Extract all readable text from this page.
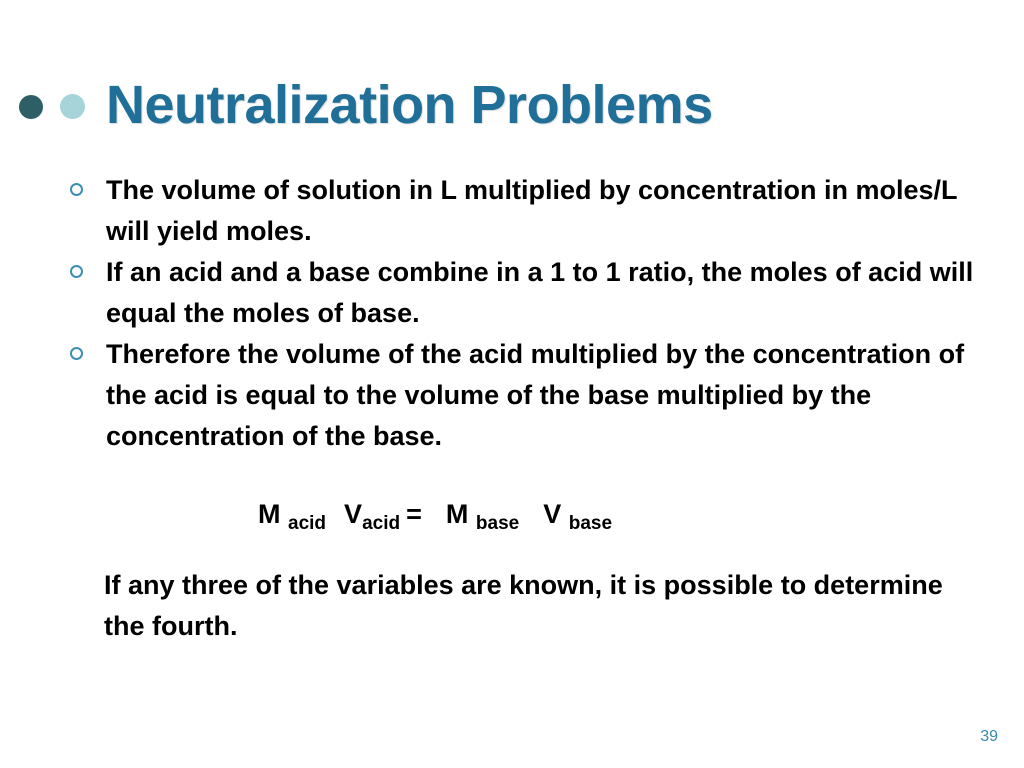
Neutralization Problems
The volume of solution in L multiplied by concentration in moles/L will yield moles.
If an acid and a base combine in a 1 to 1 ratio, the moles of acid will equal the moles of base.
Therefore the volume of the acid multiplied by the concentration of the acid is equal to the volume of the base multiplied by the concentration of the base.
M $_{acid}$ $V_{acid} = M$ $_{base}$ V $_{base}$

If any three of the variables are known, it is possible to determine the fourth.

39
